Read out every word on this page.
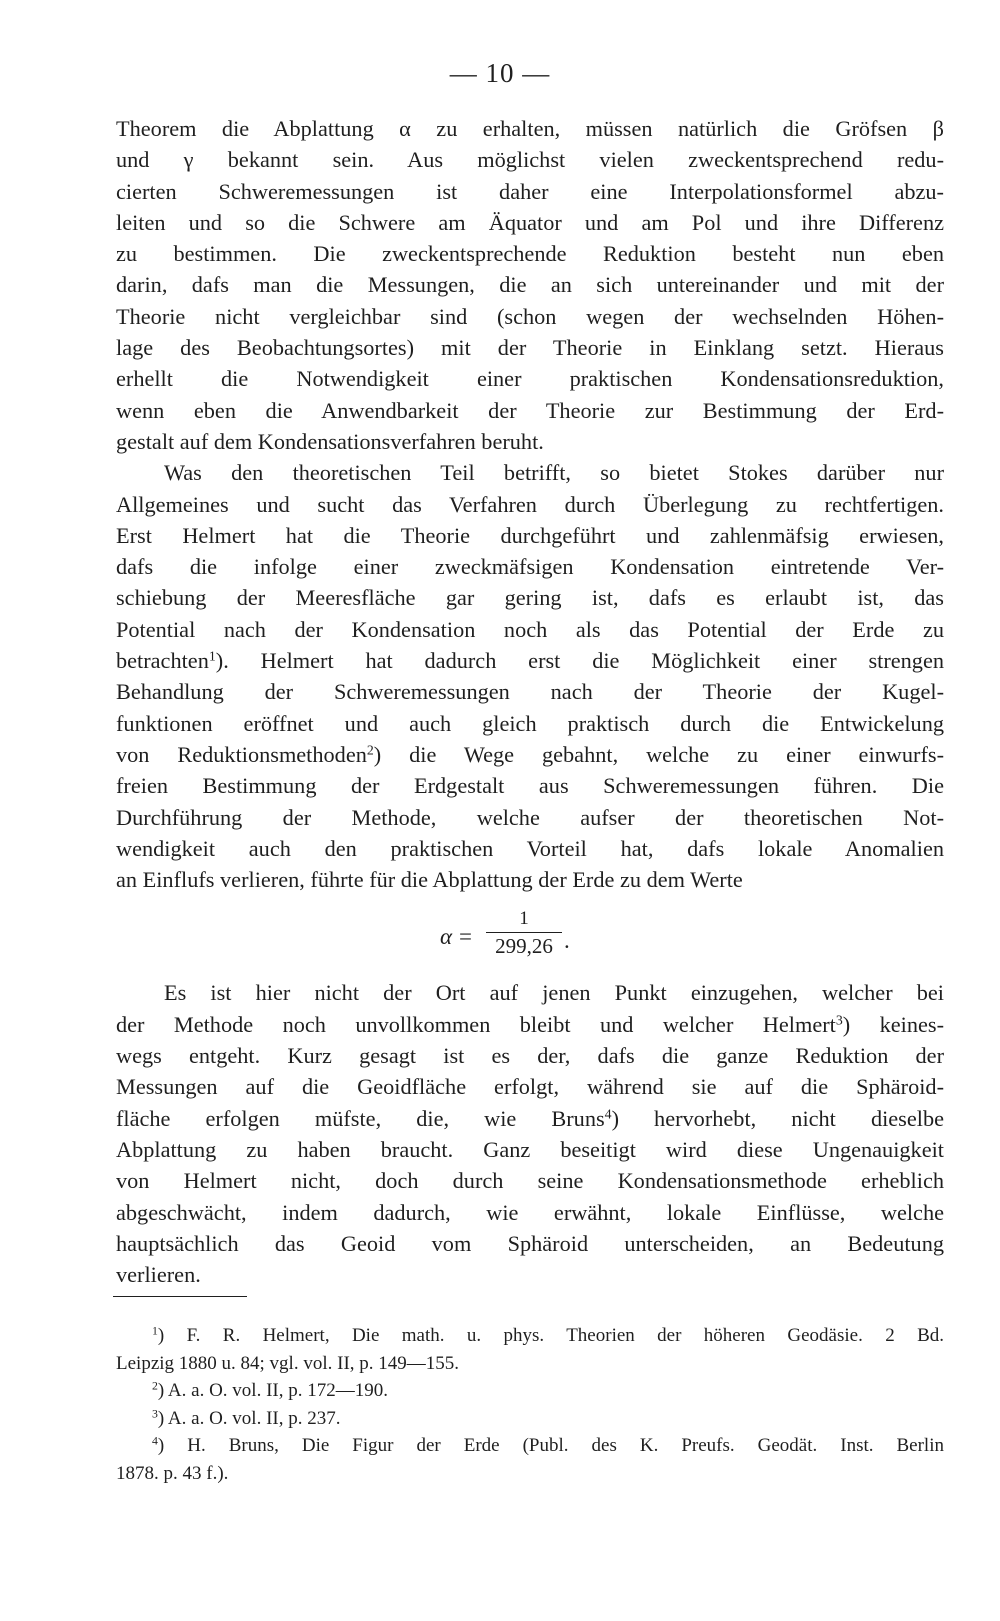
— 10 —
Theorem die Abplattung α zu erhalten, müssen natürlich die Gröfsen β
und γ bekannt sein. Aus möglichst vielen zweckentsprechend redu-
cierten Schweremessungen ist daher eine Interpolationsformel abzu-
leiten und so die Schwere am Äquator und am Pol und ihre Differenz
zu bestimmen. Die zweckentsprechende Reduktion besteht nun eben
darin, dafs man die Messungen, die an sich untereinander und mit der
Theorie nicht vergleichbar sind (schon wegen der wechselnden Höhen-
lage des Beobachtungsortes) mit der Theorie in Einklang setzt. Hieraus
erhellt die Notwendigkeit einer praktischen Kondensationsreduktion,
wenn eben die Anwendbarkeit der Theorie zur Bestimmung der Erd-
gestalt auf dem Kondensationsverfahren beruht.
Was den theoretischen Teil betrifft, so bietet Stokes darüber nur
Allgemeines und sucht das Verfahren durch Überlegung zu rechtfertigen.
Erst Helmert hat die Theorie durchgeführt und zahlenmäfsig erwiesen,
dafs die infolge einer zweckmäfsigen Kondensation eintretende Ver-
schiebung der Meeresfläche gar gering ist, dafs es erlaubt ist, das
Potential nach der Kondensation noch als das Potential der Erde zu
betrachten$^1$). Helmert hat dadurch erst die Möglichkeit einer strengen
Behandlung der Schweremessungen nach der Theorie der Kugel-
funktionen eröffnet und auch gleich praktisch durch die Entwickelung
von Reduktionsmethoden$^2$) die Wege gebahnt, welche zu einer einwurfs-
freien Bestimmung der Erdgestalt aus Schweremessungen führen. Die
Durchführung der Methode, welche aufser der theoretischen Not-
wendigkeit auch den praktischen Vorteil hat, dafs lokale Anomalien
an Einflufs verlieren, führte für die Abplattung der Erde zu dem Werte
Es ist hier nicht der Ort auf jenen Punkt einzugehen, welcher bei
der Methode noch unvollkommen bleibt und welcher Helmert$^3$) keines-
wegs entgeht. Kurz gesagt ist es der, dafs die ganze Reduktion der
Messungen auf die Geoidfläche erfolgt, während sie auf die Sphäroid-
fläche erfolgen müfste, die, wie Bruns$^4$) hervorhebt, nicht dieselbe
Abplattung zu haben braucht. Ganz beseitigt wird diese Ungenauigkeit
von Helmert nicht, doch durch seine Kondensationsmethode erheblich
abgeschwächt, indem dadurch, wie erwähnt, lokale Einflüsse, welche
hauptsächlich das Geoid vom Sphäroid unterscheiden, an Bedeutung
verlieren.
α =
1
299,26 .
$^1$) F. R. Helmert, Die math. u. phys. Theorien der höheren Geodäsie. 2 Bd.
Leipzig 1880 u. 84; vgl. vol. II, p. 149—155.
$^2$) A. a. O. vol. II, p. 172—190.
$^3$) A. a. O. vol. II, p. 237.
$^4$) H. Bruns, Die Figur der Erde (Publ. des K. Preufs. Geodät. Inst. Berlin
1878. p. 43 f.).
